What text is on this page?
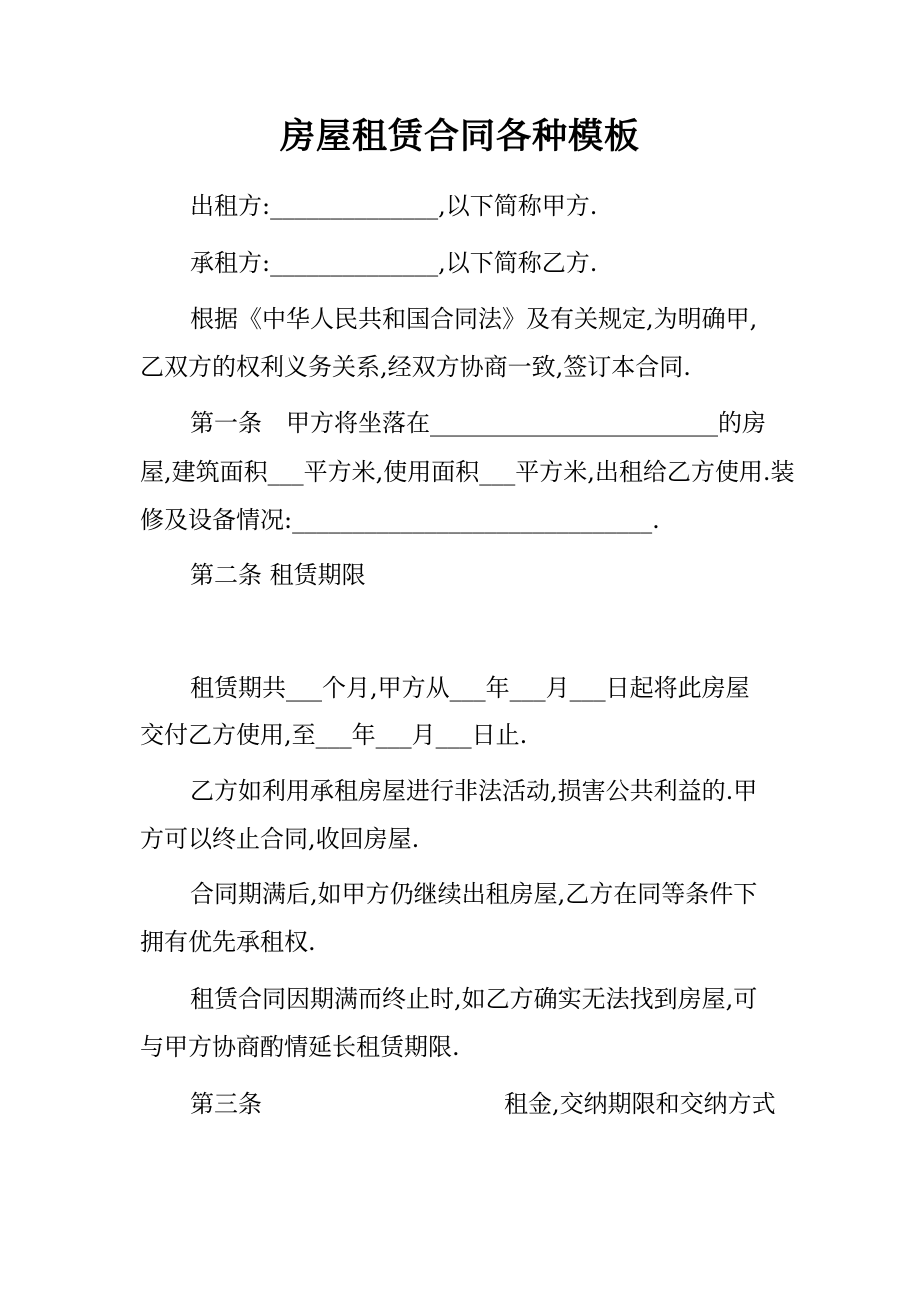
房屋租赁合同各种模板
出租方:______________,以下简称甲方.
承租方:______________,以下简称乙方.
根据《中华人民共和国合同法》及有关规定,为明确甲,
乙双方的权利义务关系,经双方协商一致,签订本合同.
第一条　甲方将坐落在________________________的房
屋,建筑面积___平方米,使用面积___平方米,出租给乙方使用.装
修及设备情况:______________________________.
第二条 租赁期限
租赁期共___个月,甲方从___年___月___日起将此房屋
交付乙方使用,至___年___月___日止.
乙方如利用承租房屋进行非法活动,损害公共利益的.甲
方可以终止合同,收回房屋.
合同期满后,如甲方仍继续出租房屋,乙方在同等条件下
拥有优先承租权.
租赁合同因期满而终止时,如乙方确实无法找到房屋,可
与甲方协商酌情延长租赁期限.
第三条	租金,交纳期限和交纳方式
